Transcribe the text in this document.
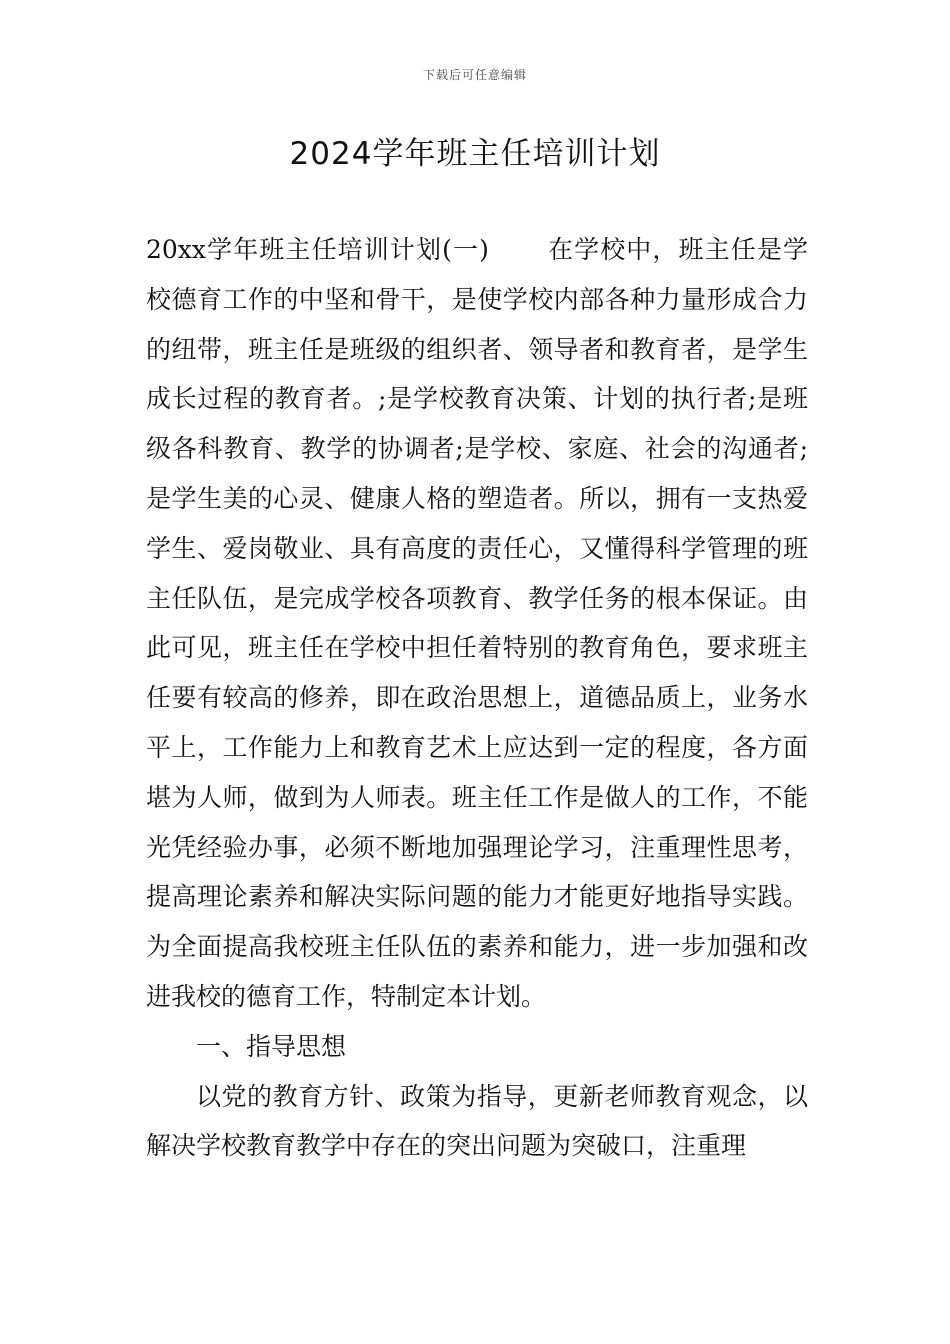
下载后可任意编辑
2024学年班主任培训计划

20xx学年班主任培训计划(一) 在学校中，班主任是学校德育工作的中坚和骨干，是使学校内部各种力量形成合力的纽带，班主任是班级的组织者、领导者和教育者，是学生成长过程的教育者。;是学校教育决策、计划的执行者;是班级各科教育、教学的协调者;是学校、家庭、社会的沟通者;是学生美的心灵、健康人格的塑造者。所以，拥有一支热爱学生、爱岗敬业、具有高度的责任心，又懂得科学管理的班主任队伍，是完成学校各项教育、教学任务的根本保证。由此可见，班主任在学校中担任着特别的教育角色，要求班主任要有较高的修养，即在政治思想上，道德品质上，业务水平上，工作能力上和教育艺术上应达到一定的程度，各方面堪为人师，做到为人师表。班主任工作是做人的工作，不能光凭经验办事，必须不断地加强理论学习，注重理性思考，提高理论素养和解决实际问题的能力才能更好地指导实践。为全面提高我校班主任队伍的素养和能力，进一步加强和改进我校的德育工作，特制定本计划。

一、指导思想

以党的教育方针、政策为指导，更新老师教育观念，以解决学校教育教学中存在的突出问题为突破口，注重理
